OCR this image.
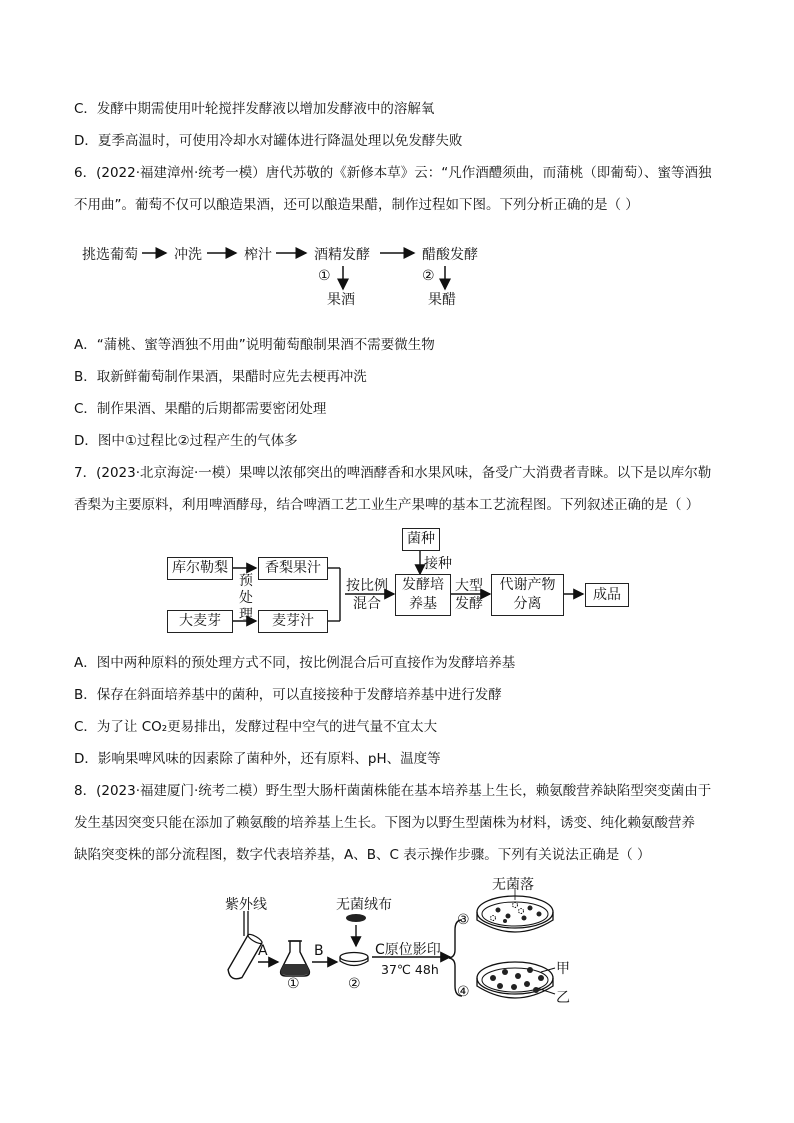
C．发酵中期需使用叶轮搅拌发酵液以增加发酵液中的溶解氧
D．夏季高温时，可使用冷却水对罐体进行降温处理以免发酵失败
6．(2022·福建漳州·统考一模）唐代苏敬的《新修本草》云：“凡作酒醴须曲，而蒲桃（即葡萄）、蜜等酒独
不用曲”。葡萄不仅可以酿造果酒，还可以酿造果醋，制作过程如下图。下列分析正确的是（ ）
挑选葡萄	冲洗	榨汁	酒精发酵	醋酸发酵
①	②
果酒	果醋
A．“蒲桃、蜜等酒独不用曲”说明葡萄酿制果酒不需要微生物
B．取新鲜葡萄制作果酒，果醋时应先去梗再冲洗
C．制作果酒、果醋的后期都需要密闭处理
D．图中①过程比②过程产生的气体多
7．(2023·北京海淀·一模）果啤以浓郁突出的啤酒酵香和水果风味，备受广大消费者青睐。以下是以库尔勒
香梨为主要原料，利用啤酒酵母，结合啤酒工艺工业生产果啤的基本工艺流程图。下列叙述正确的是（ ）
库尔勒梨
大麦芽
预
处
理
香梨果汁
麦芽汁
按比例
混合
菌种
接种
发酵培
养基
大型
发酵
代谢产物
分离
成品
A．图中两种原料的预处理方式不同，按比例混合后可直接作为发酵培养基
B．保存在斜面培养基中的菌种，可以直接接种于发酵培养基中进行发酵
C．为了让 CO₂更易排出，发酵过程中空气的进气量不宜太大
D．影响果啤风味的因素除了菌种外，还有原料、pH、温度等
8．(2023·福建厦门·统考二模）野生型大肠杆菌菌株能在基本培养基上生长，赖氨酸营养缺陷型突变菌由于
发生基因突变只能在添加了赖氨酸的培养基上生长。下图为以野生型菌株为材料，诱变、纯化赖氨酸营养
缺陷突变株的部分流程图，数字代表培养基，A、B、C 表示操作步骤。下列有关说法正确是（ ）
紫外线	无菌绒布
无菌落
A	B	C原位影印
37℃ 48h
①	②
③
④
甲
乙
